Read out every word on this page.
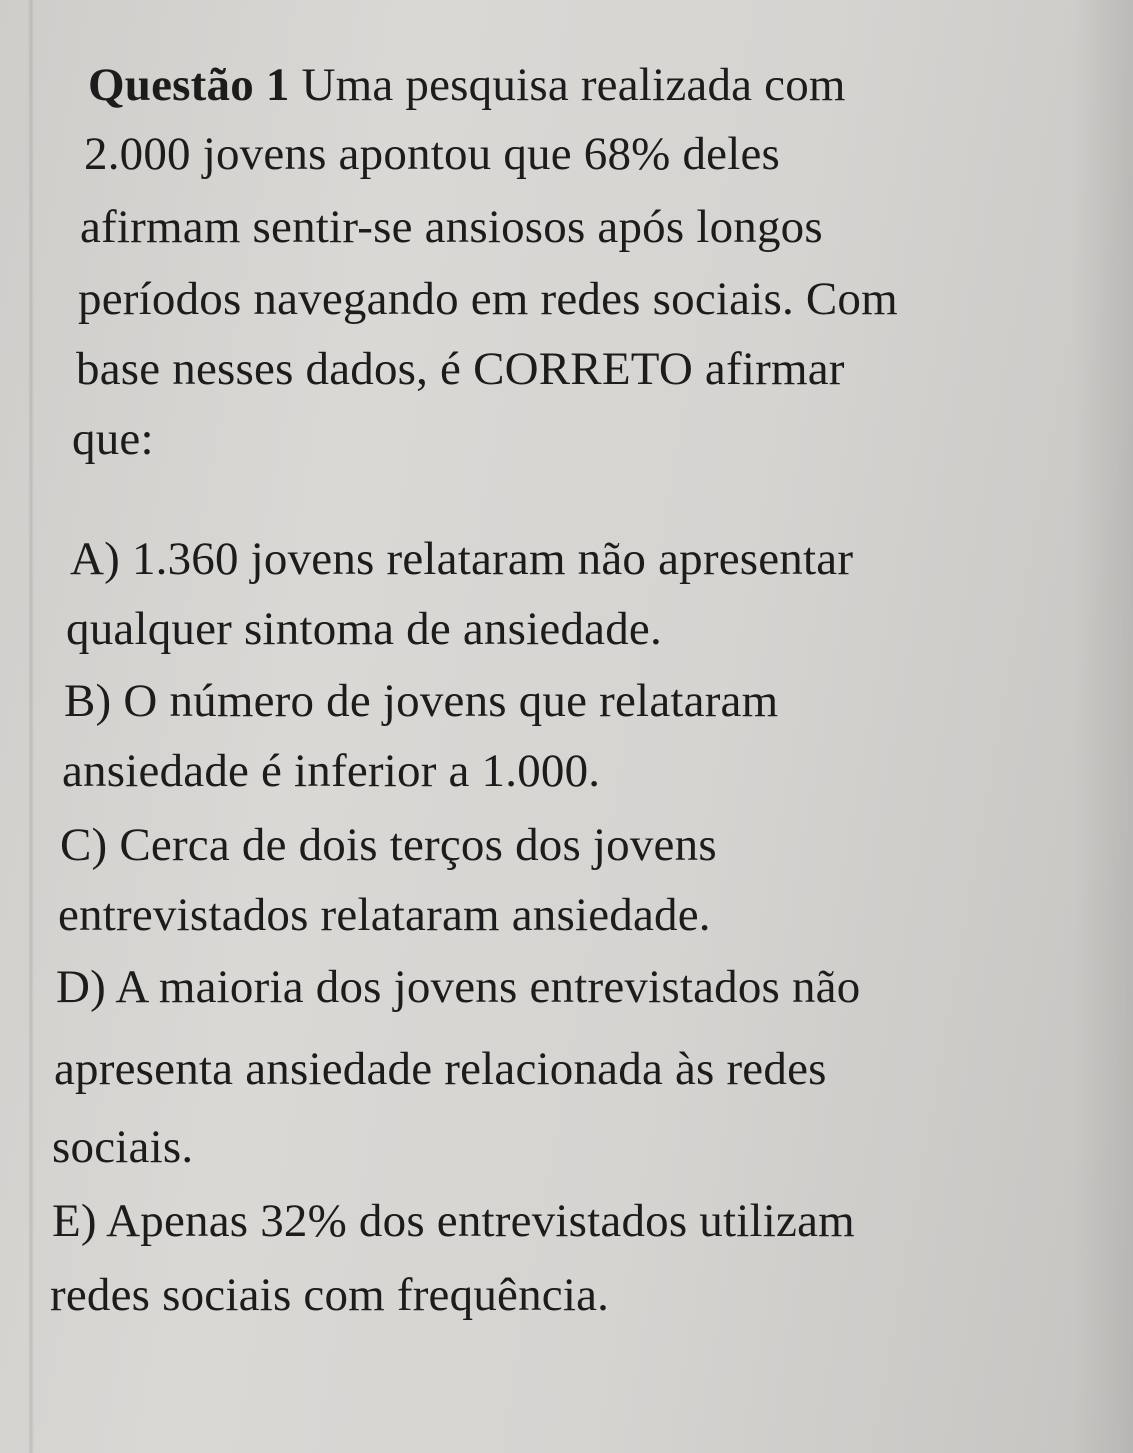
Questão 1 Uma pesquisa realizada com
2.000 jovens apontou que 68% deles
afirmam sentir-se ansiosos após longos
períodos navegando em redes sociais. Com
base nesses dados, é CORRETO afirmar
que:
A) 1.360 jovens relataram não apresentar
qualquer sintoma de ansiedade.
B) O número de jovens que relataram
ansiedade é inferior a 1.000.
C) Cerca de dois terços dos jovens
entrevistados relataram ansiedade.
D) A maioria dos jovens entrevistados não
apresenta ansiedade relacionada às redes
sociais.
E) Apenas 32% dos entrevistados utilizam
redes sociais com frequência.
